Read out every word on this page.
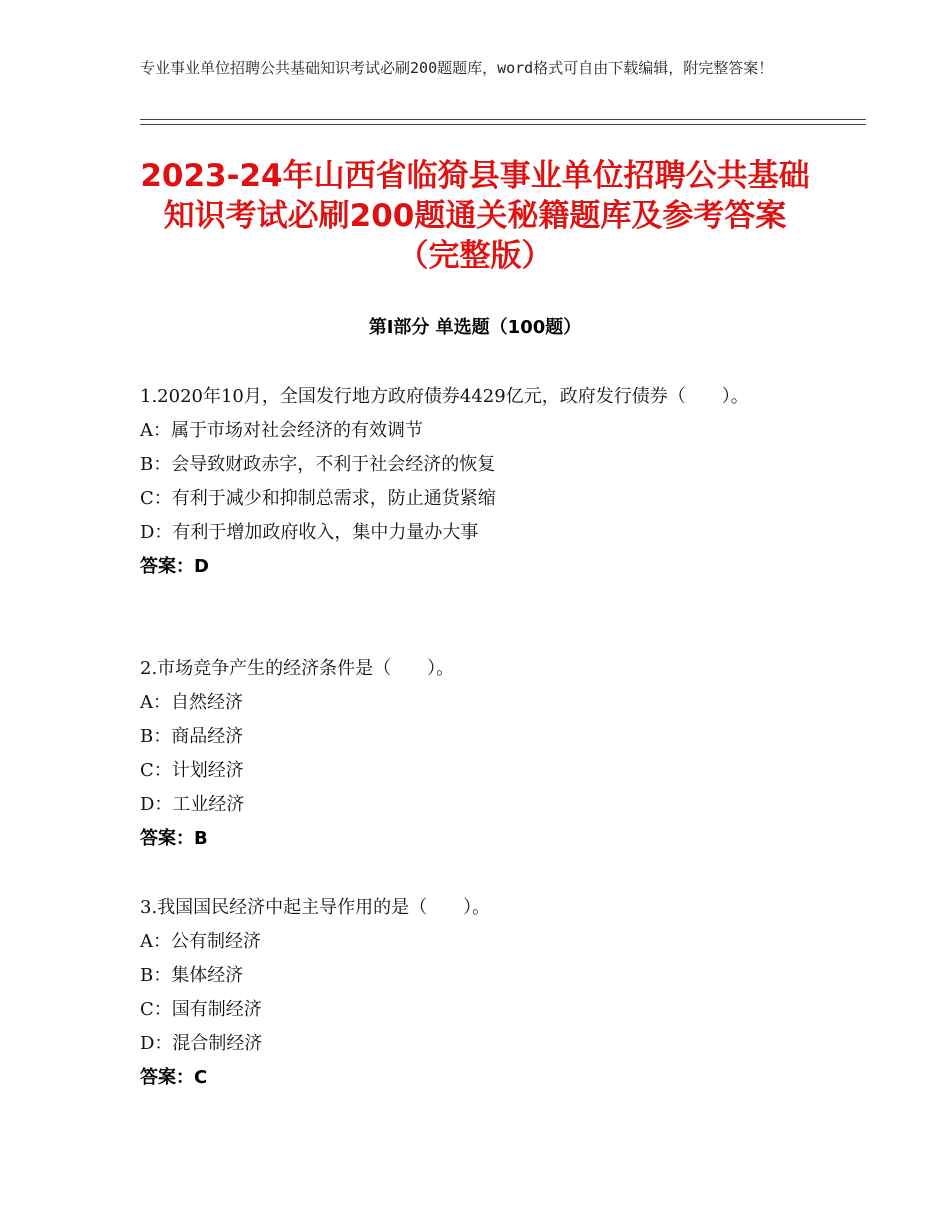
专业事业单位招聘公共基础知识考试必刷200题题库，word格式可自由下载编辑，附完整答案！
2023-24年山西省临猗县事业单位招聘公共基础知识考试必刷200题通关秘籍题库及参考答案（完整版）
第Ⅰ部分 单选题（100题）

1.2020年10月，全国发行地方政府债券4429亿元，政府发行债券（　　）。

A：属于市场对社会经济的有效调节

B：会导致财政赤字，不利于社会经济的恢复

C：有利于减少和抑制总需求，防止通货紧缩

D：有利于增加政府收入，集中力量办大事

答案：D

2.市场竞争产生的经济条件是（　　）。

A：自然经济

B：商品经济

C：计划经济

D：工业经济

答案：B

3.我国国民经济中起主导作用的是（　　）。

A：公有制经济

B：集体经济

C：国有制经济

D：混合制经济

答案：C
